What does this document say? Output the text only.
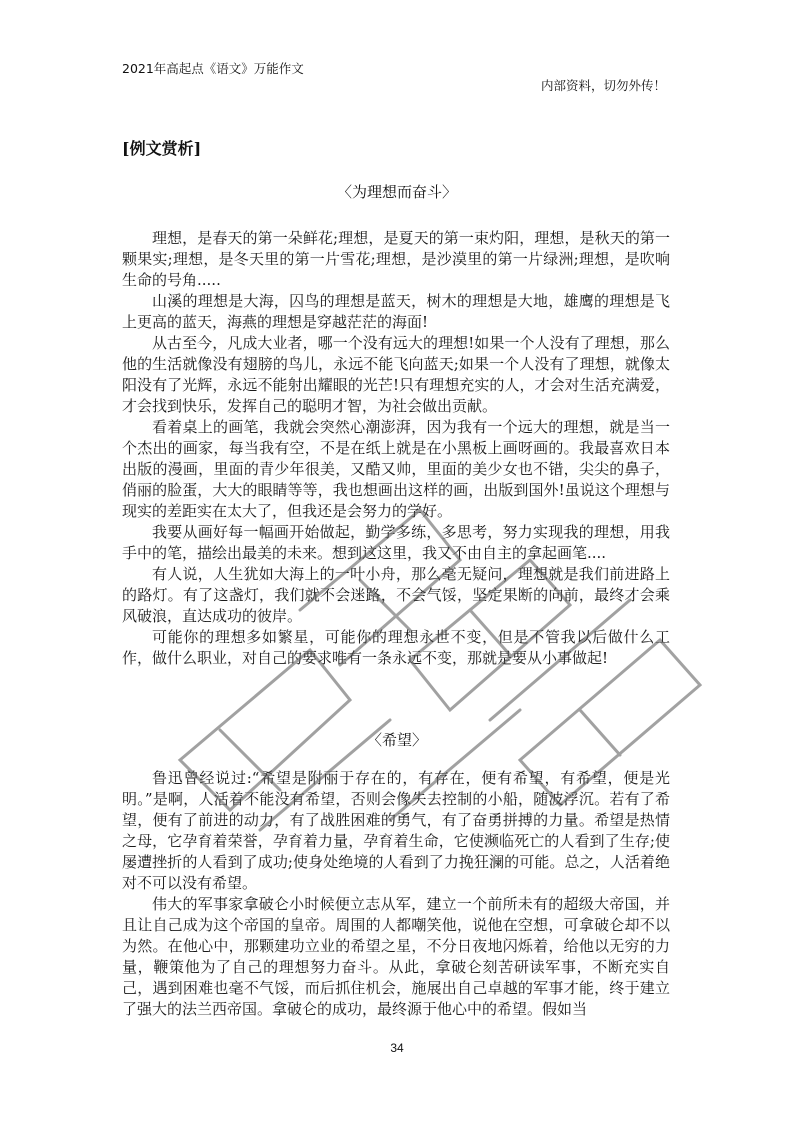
2021年高起点《语文》万能作文
内部资料，切勿外传！
[例文赏析]
〈为理想而奋斗〉

理想，是春天的第一朵鲜花;理想，是夏天的第一束灼阳，理想，是秋天的第一颗果实;理想，是冬天里的第一片雪花;理想，是沙漠里的第一片绿洲;理想，是吹响生命的号角.....

山溪的理想是大海，囚鸟的理想是蓝天，树木的理想是大地，雄鹰的理想是飞上更高的蓝天，海燕的理想是穿越茫茫的海面!

从古至今，凡成大业者，哪一个没有远大的理想!如果一个人没有了理想，那么他的生活就像没有翅膀的鸟儿，永远不能飞向蓝天;如果一个人没有了理想，就像太阳没有了光辉，永远不能射出耀眼的光芒!只有理想充实的人，才会对生活充满爱，才会找到快乐，发挥自己的聪明才智，为社会做出贡献。

看着桌上的画笔，我就会突然心潮澎湃，因为我有一个远大的理想，就是当一个杰出的画家，每当我有空，不是在纸上就是在小黑板上画呀画的。我最喜欢日本出版的漫画，里面的青少年很美，又酷又帅，里面的美少女也不错，尖尖的鼻子，俏丽的脸蛋，大大的眼睛等等，我也想画出这样的画，出版到国外!虽说这个理想与现实的差距实在太大了，但我还是会努力的学好。

我要从画好每一幅画开始做起，勤学多练，多思考，努力实现我的理想，用我手中的笔，描绘出最美的未来。想到这这里，我又不由自主的拿起画笔....

有人说，人生犹如大海上的一叶小舟，那么毫无疑问，理想就是我们前进路上的路灯。有了这盏灯，我们就不会迷路，不会气馁，坚定果断的向前，最终才会乘风破浪，直达成功的彼岸。

可能你的理想多如繁星，可能你的理想永世不变，但是不管我以后做什么工作，做什么职业，对自己的要求唯有一条永远不变，那就是要从小事做起!

〈希望〉

鲁迅曾经说过:“希望是附丽于存在的，有存在，便有希望，有希望，便是光明。”是啊，人活着不能没有希望，否则会像失去控制的小船，随波浮沉。若有了希望，便有了前进的动力，有了战胜困难的勇气，有了奋勇拼搏的力量。希望是热情之母，它孕育着荣誉，孕育着力量，孕育着生命，它使濒临死亡的人看到了生存;使屡遭挫折的人看到了成功;使身处绝境的人看到了力挽狂澜的可能。总之，人活着绝对不可以没有希望。

伟大的军事家拿破仑小时候便立志从军，建立一个前所未有的超级大帝国，并且让自己成为这个帝国的皇帝。周围的人都嘲笑他，说他在空想，可拿破仑却不以为然。在他心中，那颗建功立业的希望之星，不分日夜地闪烁着，给他以无穷的力量，鞭策他为了自己的理想努力奋斗。从此，拿破仑刻苦研读军事，不断充实自己，遇到困难也毫不气馁，而后抓住机会，施展出自己卓越的军事才能，终于建立了强大的法兰西帝国。拿破仑的成功，最终源于他心中的希望。假如当

34
